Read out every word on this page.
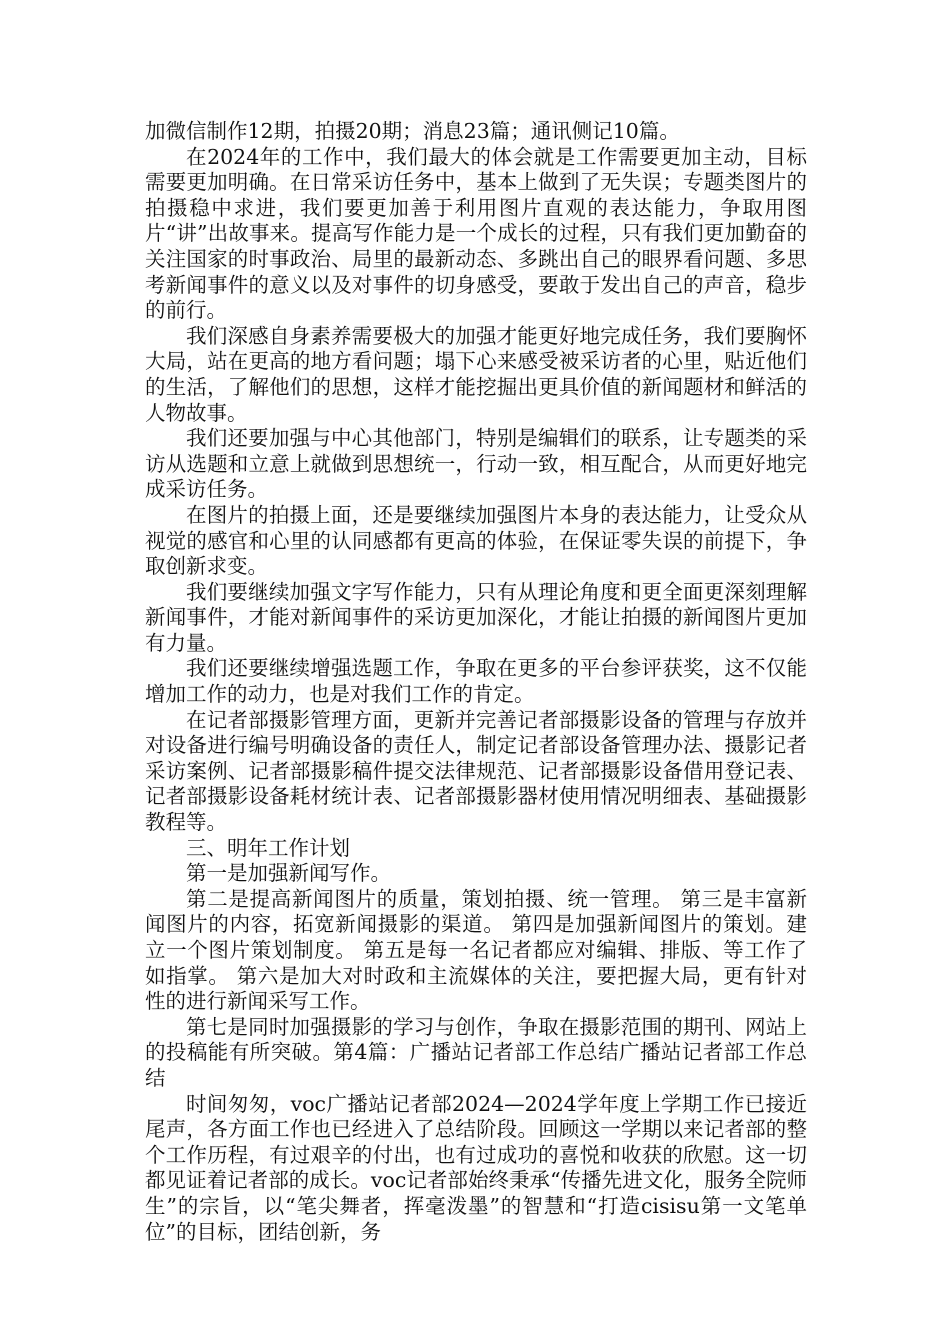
加微信制作12期，拍摄20期；消息23篇；通讯侧记10篇。

在2024年的工作中，我们最大的体会就是工作需要更加主动，目标需要更加明确。在日常采访任务中，基本上做到了无失误；专题类图片的拍摄稳中求进，我们要更加善于利用图片直观的表达能力，争取用图片“讲”出故事来。提高写作能力是一个成长的过程，只有我们更加勤奋的关注国家的时事政治、局里的最新动态、多跳出自己的眼界看问题、多思考新闻事件的意义以及对事件的切身感受，要敢于发出自己的声音，稳步的前行。

我们深感自身素养需要极大的加强才能更好地完成任务，我们要胸怀大局，站在更高的地方看问题；塌下心来感受被采访者的心里，贴近他们的生活，了解他们的思想，这样才能挖掘出更具价值的新闻题材和鲜活的人物故事。

我们还要加强与中心其他部门，特别是编辑们的联系，让专题类的采访从选题和立意上就做到思想统一，行动一致，相互配合，从而更好地完成采访任务。

在图片的拍摄上面，还是要继续加强图片本身的表达能力，让受众从视觉的感官和心里的认同感都有更高的体验，在保证零失误的前提下，争取创新求变。

我们要继续加强文字写作能力，只有从理论角度和更全面更深刻理解新闻事件，才能对新闻事件的采访更加深化，才能让拍摄的新闻图片更加有力量。

我们还要继续增强选题工作，争取在更多的平台参评获奖，这不仅能增加工作的动力，也是对我们工作的肯定。

在记者部摄影管理方面，更新并完善记者部摄影设备的管理与存放并对设备进行编号明确设备的责任人，制定记者部设备管理办法、摄影记者采访案例、记者部摄影稿件提交法律规范、记者部摄影设备借用登记表、记者部摄影设备耗材统计表、记者部摄影器材使用情况明细表、基础摄影教程等。

三、明年工作计划

第一是加强新闻写作。

第二是提高新闻图片的质量，策划拍摄、统一管理。 第三是丰富新闻图片的内容，拓宽新闻摄影的渠道。 第四是加强新闻图片的策划。建立一个图片策划制度。 第五是每一名记者都应对编辑、排版、等工作了如指掌。 第六是加大对时政和主流媒体的关注，要把握大局，更有针对性的进行新闻采写工作。

第七是同时加强摄影的学习与创作，争取在摄影范围的期刊、网站上的投稿能有所突破。第4篇：广播站记者部工作总结广播站记者部工作总结

时间匆匆，voc广播站记者部2024—2024学年度上学期工作已接近尾声，各方面工作也已经进入了总结阶段。回顾这一学期以来记者部的整个工作历程，有过艰辛的付出，也有过成功的喜悦和收获的欣慰。这一切都见证着记者部的成长。voc记者部始终秉承“传播先进文化，服务全院师生”的宗旨，以“笔尖舞者，挥毫泼墨”的智慧和“打造cisisu第一文笔单位”的目标，团结创新，务
